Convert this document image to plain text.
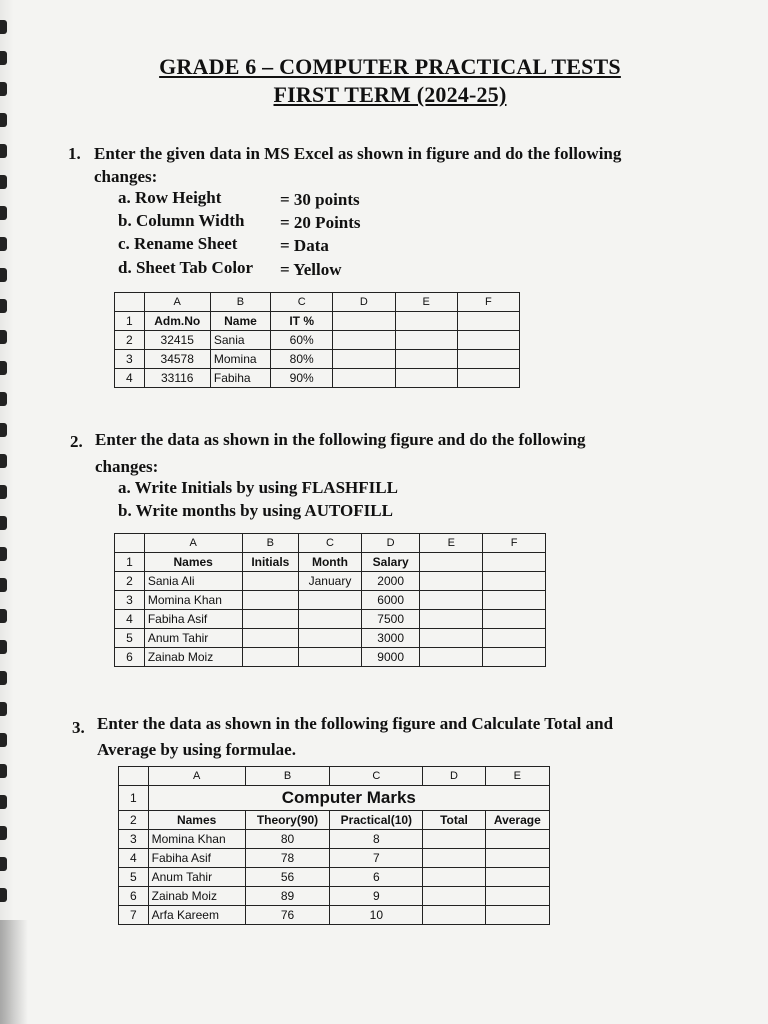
GRADE 6 – COMPUTER PRACTICAL TESTS
FIRST TERM (2024-25)
1. Enter the given data in MS Excel as shown in figure and do the following
changes:
a. Row Height	= 30 points
b. Column Width = 20 Points
c. Rename Sheet	= Data
d. Sheet Tab Color = Yellow
	A	B	C	D	E	F
1	Adm.No	Name	IT %			
2	32415	Sania	60%			
3	34578	Momina	80%			
4	33116	Fabiha	90%			
2. Enter the data as shown in the following figure and do the following
changes:
a. Write Initials by using FLASHFILL
b. Write months by using AUTOFILL
	A	B	C	D	E	F
1	Names	Initials	Month	Salary		
2	Sania Ali		January	2000		
3	Momina Khan			6000		
4	Fabiha Asif			7500		
5	Anum Tahir			3000		
6	Zainab Moiz			9000		
3. Enter the data as shown in the following figure and Calculate Total and
Average by using formulae.
	A	B	C	D	E
1	Computer Marks				
2	Names	Theory(90)	Practical(10)	Total	Average
3	Momina Khan	80	8		
4	Fabiha Asif	78	7		
5	Anum Tahir	56	6		
6	Zainab Moiz	89	9		
7	Arfa Kareem	76	10		
